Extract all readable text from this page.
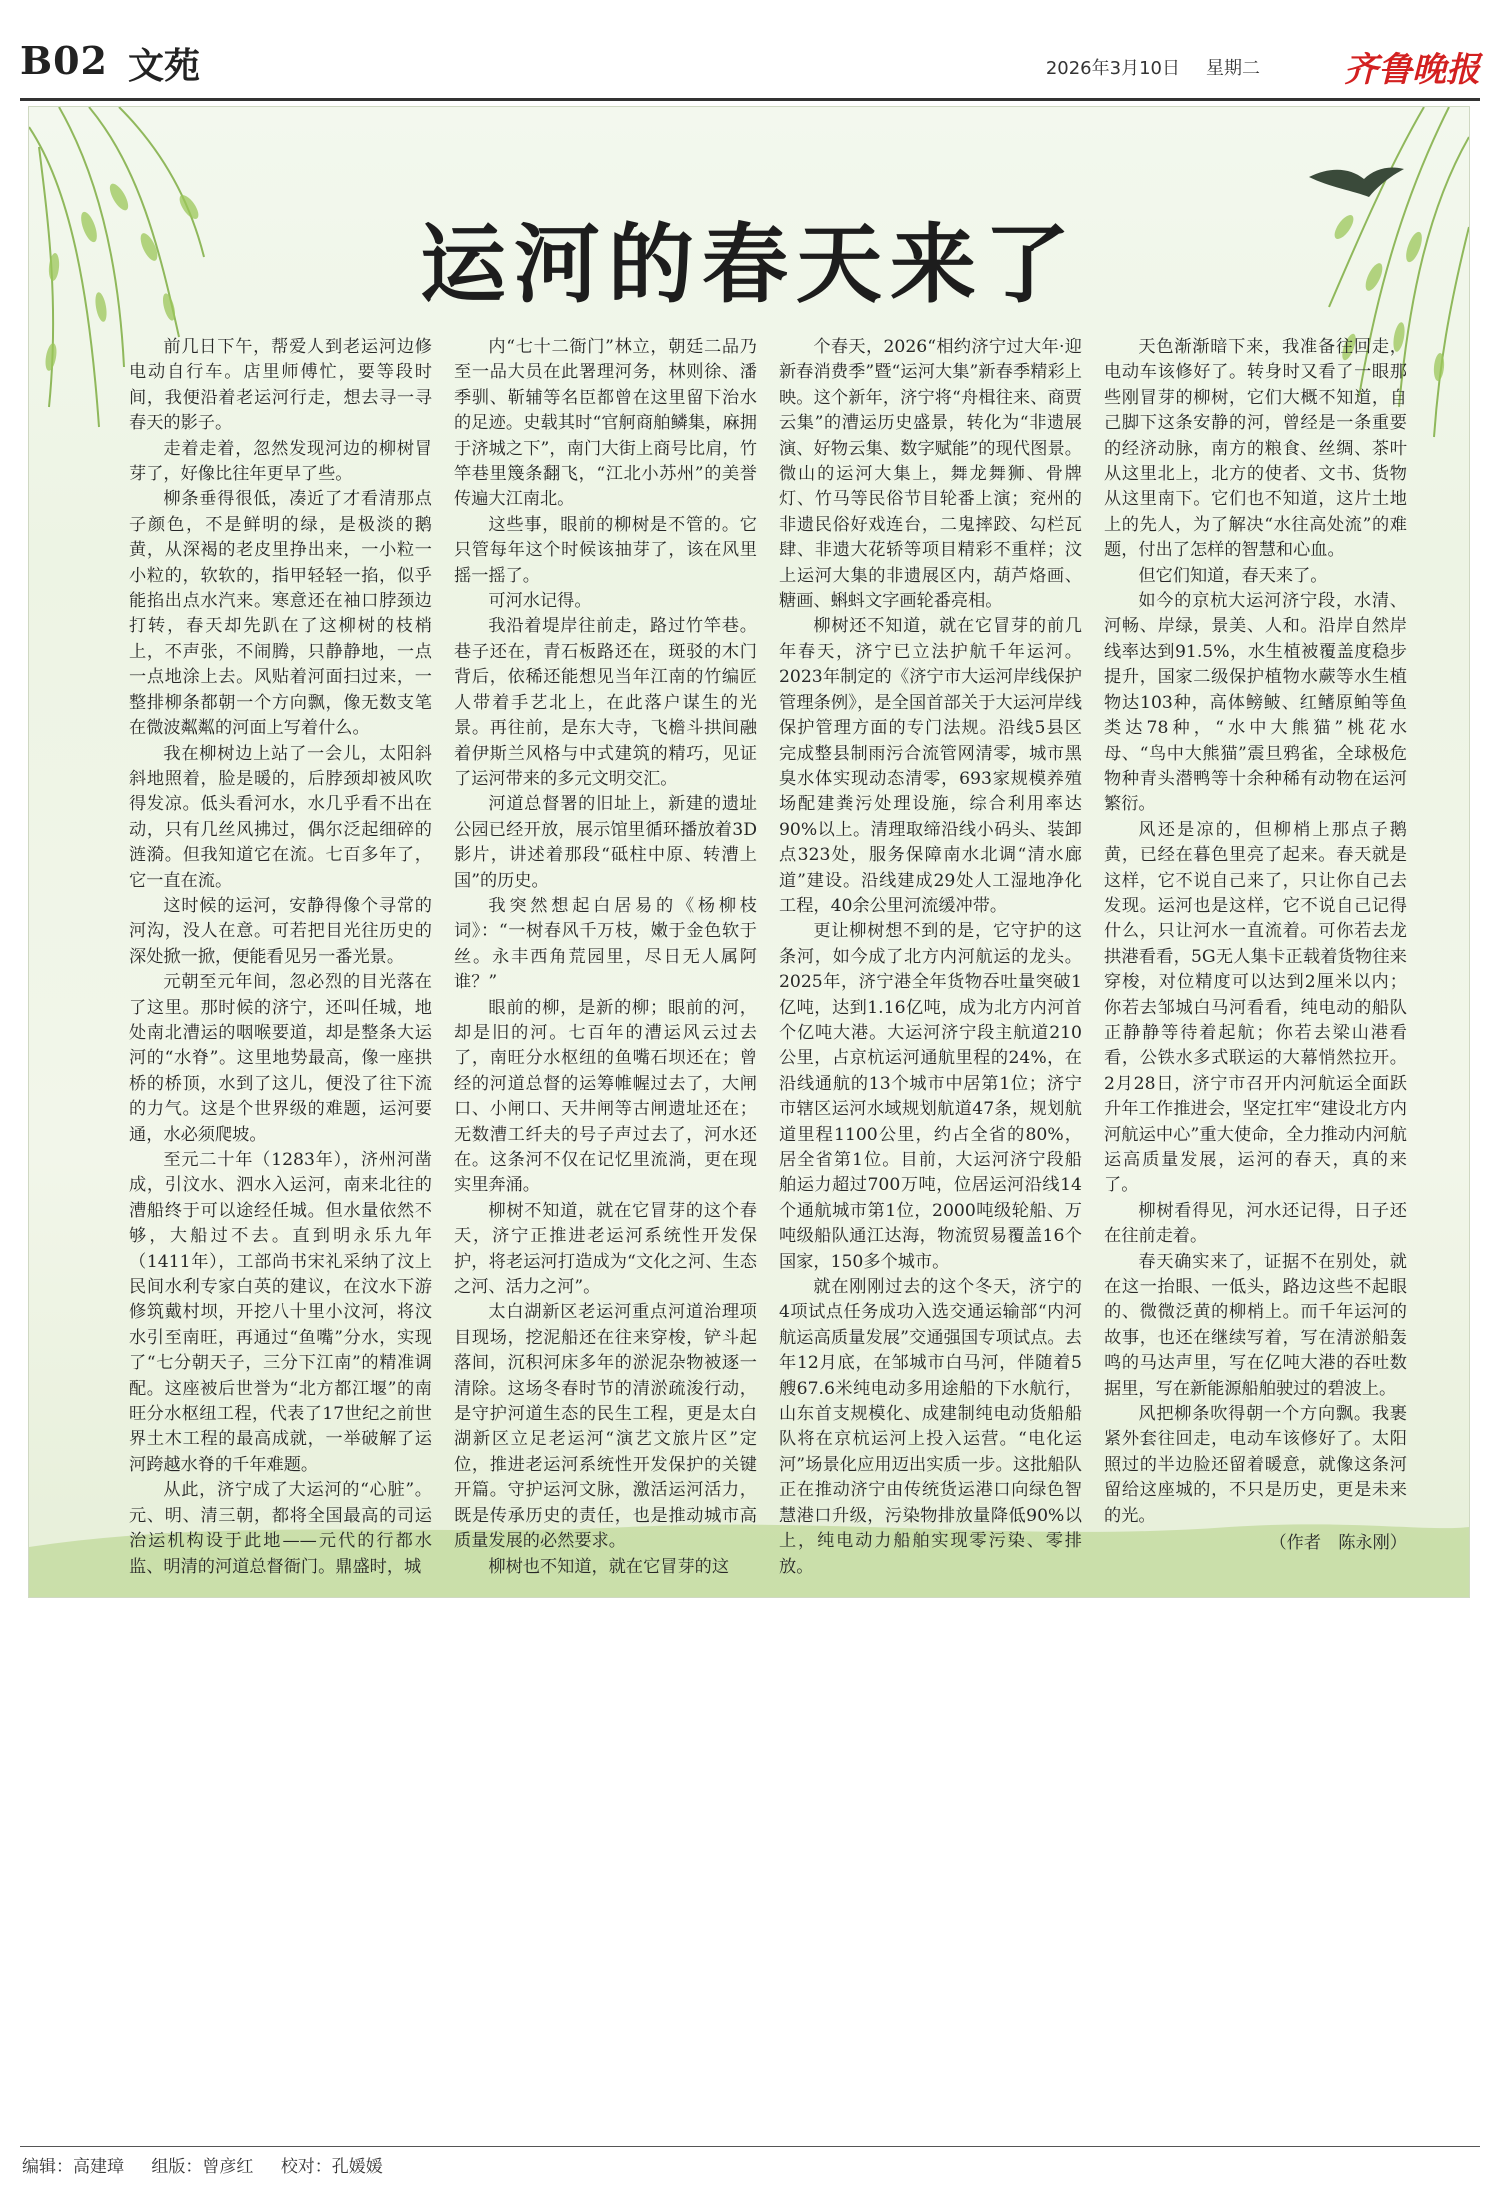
B02 文苑	2026年3月10日 星期二 齐鲁晚报
运河的春天来了

前几日下午，帮爱人到老运河边修电动自行车。店里师傅忙，要等段时间，我便沿着老运河行走，想去寻一寻春天的影子。

走着走着，忽然发现河边的柳树冒芽了，好像比往年更早了些。

柳条垂得很低，凑近了才看清那点子颜色，不是鲜明的绿，是极淡的鹅黄，从深褐的老皮里挣出来，一小粒一小粒的，软软的，指甲轻轻一掐，似乎能掐出点水汽来。寒意还在袖口脖颈边打转，春天却先趴在了这柳树的枝梢上，不声张，不闹腾，只静静地，一点一点地涂上去。风贴着河面扫过来，一整排柳条都朝一个方向飘，像无数支笔在微波粼粼的河面上写着什么。

我在柳树边上站了一会儿，太阳斜斜地照着，脸是暖的，后脖颈却被风吹得发凉。低头看河水，水几乎看不出在动，只有几丝风拂过，偶尔泛起细碎的涟漪。但我知道它在流。七百多年了，它一直在流。

这时候的运河，安静得像个寻常的河沟，没人在意。可若把目光往历史的深处掀一掀，便能看见另一番光景。

元朝至元年间，忽必烈的目光落在了这里。那时候的济宁，还叫任城，地处南北漕运的咽喉要道，却是整条大运河的“水脊”。这里地势最高，像一座拱桥的桥顶，水到了这儿，便没了往下流的力气。这是个世界级的难题，运河要通，水必须爬坡。

至元二十年（1283年），济州河凿成，引汶水、泗水入运河，南来北往的漕船终于可以途经任城。但水量依然不够，大船过不去。直到明永乐九年（1411年），工部尚书宋礼采纳了汶上民间水利专家白英的建议，在汶水下游修筑戴村坝，开挖八十里小汶河，将汶水引至南旺，再通过“鱼嘴”分水，实现了“七分朝天子，三分下江南”的精准调配。这座被后世誉为“北方都江堰”的南旺分水枢纽工程，代表了17世纪之前世界土木工程的最高成就，一举破解了运河跨越水脊的千年难题。

从此，济宁成了大运河的“心脏”。元、明、清三朝，都将全国最高的司运治运机构设于此地——元代的行都水监、明清的河道总督衙门。鼎盛时，城

内“七十二衙门”林立，朝廷二品乃至一品大员在此署理河务，林则徐、潘季驯、靳辅等名臣都曾在这里留下治水的足迹。史载其时“官舸商舶鳞集，麻拥于济城之下”，南门大街上商号比肩，竹竿巷里篾条翻飞，“江北小苏州”的美誉传遍大江南北。

这些事，眼前的柳树是不管的。它只管每年这个时候该抽芽了，该在风里摇一摇了。

可河水记得。

我沿着堤岸往前走，路过竹竿巷。巷子还在，青石板路还在，斑驳的木门背后，依稀还能想见当年江南的竹编匠人带着手艺北上，在此落户谋生的光景。再往前，是东大寺，飞檐斗拱间融着伊斯兰风格与中式建筑的精巧，见证了运河带来的多元文明交汇。

河道总督署的旧址上，新建的遗址公园已经开放，展示馆里循环播放着3D影片，讲述着那段“砥柱中原、转漕上国”的历史。

我突然想起白居易的《杨柳枝词》：“一树春风千万枝，嫩于金色软于丝。永丰西角荒园里，尽日无人属阿谁？”

眼前的柳，是新的柳；眼前的河，却是旧的河。七百年的漕运风云过去了，南旺分水枢纽的鱼嘴石坝还在；曾经的河道总督的运筹帷幄过去了，大闸口、小闸口、天井闸等古闸遗址还在；无数漕工纤夫的号子声过去了，河水还在。这条河不仅在记忆里流淌，更在现实里奔涌。

柳树不知道，就在它冒芽的这个春天，济宁正推进老运河系统性开发保护，将老运河打造成为“文化之河、生态之河、活力之河”。

太白湖新区老运河重点河道治理项目现场，挖泥船还在往来穿梭，铲斗起落间，沉积河床多年的淤泥杂物被逐一清除。这场冬春时节的清淤疏浚行动，是守护河道生态的民生工程，更是太白湖新区立足老运河“演艺文旅片区”定位，推进老运河系统性开发保护的关键开篇。守护运河文脉，激活运河活力，既是传承历史的责任，也是推动城市高质量发展的必然要求。

柳树也不知道，就在它冒芽的这

个春天，2026“相约济宁过大年·迎新春消费季”暨“运河大集”新春季精彩上映。这个新年，济宁将“舟楫往来、商贾云集”的漕运历史盛景，转化为“非遗展演、好物云集、数字赋能”的现代图景。微山的运河大集上，舞龙舞狮、骨牌灯、竹马等民俗节目轮番上演；兖州的非遗民俗好戏连台，二鬼摔跤、勾栏瓦肆、非遗大花轿等项目精彩不重样；汶上运河大集的非遗展区内，葫芦烙画、糖画、蝌蚪文字画轮番亮相。

柳树还不知道，就在它冒芽的前几年春天，济宁已立法护航千年运河。2023年制定的《济宁市大运河岸线保护管理条例》，是全国首部关于大运河岸线保护管理方面的专门法规。沿线5县区完成整县制雨污合流管网清零，城市黑臭水体实现动态清零，693家规模养殖场配建粪污处理设施，综合利用率达90%以上。清理取缔沿线小码头、装卸点323处，服务保障南水北调“清水廊道”建设。沿线建成29处人工湿地净化工程，40余公里河流缓冲带。

更让柳树想不到的是，它守护的这条河，如今成了北方内河航运的龙头。2025年，济宁港全年货物吞吐量突破1亿吨，达到1.16亿吨，成为北方内河首个亿吨大港。大运河济宁段主航道210公里，占京杭运河通航里程的24%，在沿线通航的13个城市中居第1位；济宁市辖区运河水域规划航道47条，规划航道里程1100公里，约占全省的80%，居全省第1位。目前，大运河济宁段船舶运力超过700万吨，位居运河沿线14个通航城市第1位，2000吨级轮船、万吨级船队通江达海，物流贸易覆盖16个国家，150多个城市。

就在刚刚过去的这个冬天，济宁的4项试点任务成功入选交通运输部“内河航运高质量发展”交通强国专项试点。去年12月底，在邹城市白马河，伴随着5艘67.6米纯电动多用途船的下水航行，山东首支规模化、成建制纯电动货船船队将在京杭运河上投入运营。“电化运河”场景化应用迈出实质一步。这批船队正在推动济宁由传统货运港口向绿色智慧港口升级，污染物排放量降低90%以上，纯电动力船舶实现零污染、零排放。

天色渐渐暗下来，我准备往回走，电动车该修好了。转身时又看了一眼那些刚冒芽的柳树，它们大概不知道，自己脚下这条安静的河，曾经是一条重要的经济动脉，南方的粮食、丝绸、茶叶从这里北上，北方的使者、文书、货物从这里南下。它们也不知道，这片土地上的先人，为了解决“水往高处流”的难题，付出了怎样的智慧和心血。

但它们知道，春天来了。

如今的京杭大运河济宁段，水清、河畅、岸绿，景美、人和。沿岸自然岸线率达到91.5%，水生植被覆盖度稳步提升，国家二级保护植物水蕨等水生植物达103种，高体鳑鲏、红鳍原鲌等鱼类达78种，“水中大熊猫”桃花水母、“鸟中大熊猫”震旦鸦雀，全球极危物种青头潜鸭等十余种稀有动物在运河繁衍。

风还是凉的，但柳梢上那点子鹅黄，已经在暮色里亮了起来。春天就是这样，它不说自己来了，只让你自己去发现。运河也是这样，它不说自己记得什么，只让河水一直流着。可你若去龙拱港看看，5G无人集卡正载着货物往来穿梭，对位精度可以达到2厘米以内；你若去邹城白马河看看，纯电动的船队正静静等待着起航；你若去梁山港看看，公铁水多式联运的大幕悄然拉开。2月28日，济宁市召开内河航运全面跃升年工作推进会，坚定扛牢“建设北方内河航运中心”重大使命，全力推动内河航运高质量发展，运河的春天，真的来了。

柳树看得见，河水还记得，日子还在往前走着。

春天确实来了，证据不在别处，就在这一抬眼、一低头，路边这些不起眼的、微微泛黄的柳梢上。而千年运河的故事，也还在继续写着，写在清淤船轰鸣的马达声里，写在亿吨大港的吞吐数据里，写在新能源船舶驶过的碧波上。

风把柳条吹得朝一个方向飘。我裹紧外套往回走，电动车该修好了。太阳照过的半边脸还留着暖意，就像这条河留给这座城的，不只是历史，更是未来的光。

（作者　陈永刚）

编辑：高建璋 组版：曾彦红 校对：孔媛媛
